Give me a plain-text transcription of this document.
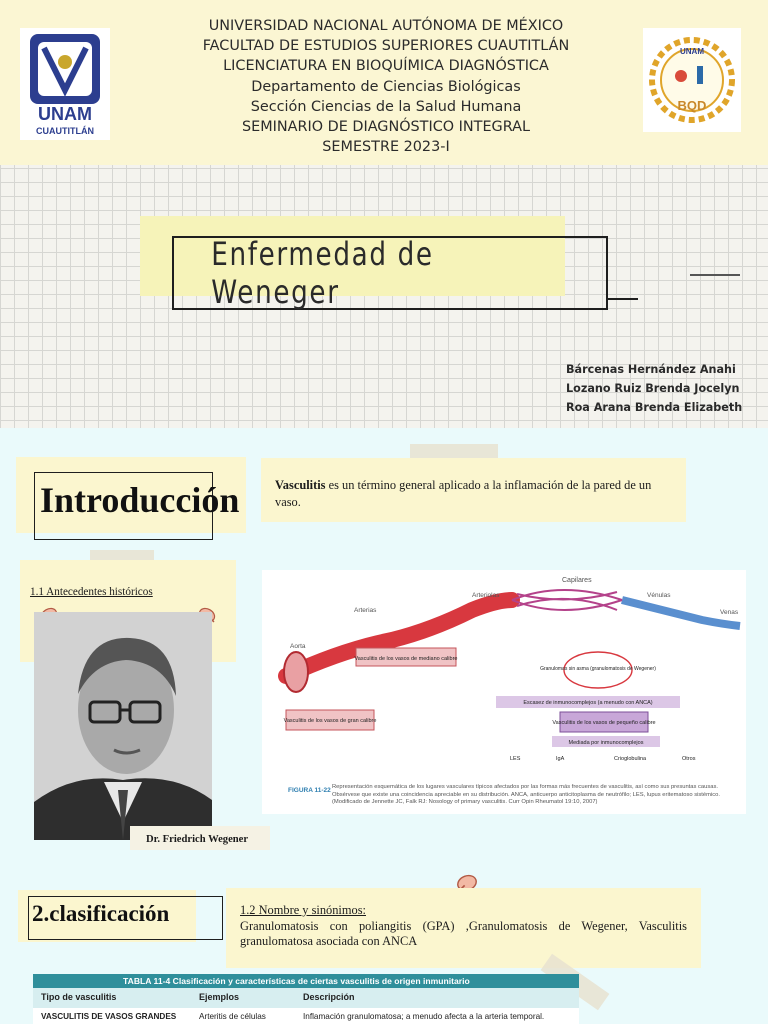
UNAM
CUAUTITLÁN
UNIVERSIDAD NACIONAL AUTÓNOMA DE MÉXICO
FACULTAD DE ESTUDIOS SUPERIORES CUAUTITLÁN
LICENCIATURA EN BIOQUÍMICA DIAGNÓSTICA
Departamento de Ciencias Biológicas
Sección Ciencias de la Salud Humana
SEMINARIO DE DIAGNÓSTICO INTEGRAL
SEMESTRE 2023-I
UNAM
BQD
Enfermedad de Weneger
Bárcenas Hernández Anahi
Lozano Ruiz Brenda Jocelyn
Roa Arana Brenda Elizabeth
Introducción	Vasculitis es un término general aplicado a la inflamación de la pared de un vaso.
1.1 Antecedentes históricos
Dr. Friedrich Wegener
Capilares
Arteriolas	Vénulas
Arterias	Venas
Aorta
Vasculitis de los vasos de mediano calibre
Vasculitis de los vasos de gran calibre
Granulomas sin asma (granulomatosis de Wegener)
Escasez de inmunocomplejos (a menudo con ANCA)
Vasculitis de los vasos de pequeño calibre
Mediada por inmunocomplejos
LES	IgA	Crioglobulina	Otros
FIGURA 11-22 Representación esquemática de los lugares vasculares típicos afectados por las formas más frecuentes de vasculitis, así como sus presuntas causas. Obsérvese que existe una coincidencia apreciable en su distribución. ANCA, anticuerpo anticitoplasma de neutrófilo; LES, lupus eritematoso sistémico. (Modificado de Jennette JC, Falk RJ: Nosology of primary vasculitis. Curr Opin Rheumatol 19:10, 2007)
2.clasificación	1.2 Nombre y sinónimos:
Granulomatosis con poliangitis (GPA) ,Granulomatosis de Wegener, Vasculitis granulomatosa asociada con ANCA
TABLA 11-4 Clasificación y características de ciertas vasculitis de origen inmunitario
Tipo de vasculitis	Ejemplos	Descripción
VASCULITIS DE VASOS GRANDES	Arteritis de células	Inflamación granulomatosa; a menudo afecta a la arteria temporal.
